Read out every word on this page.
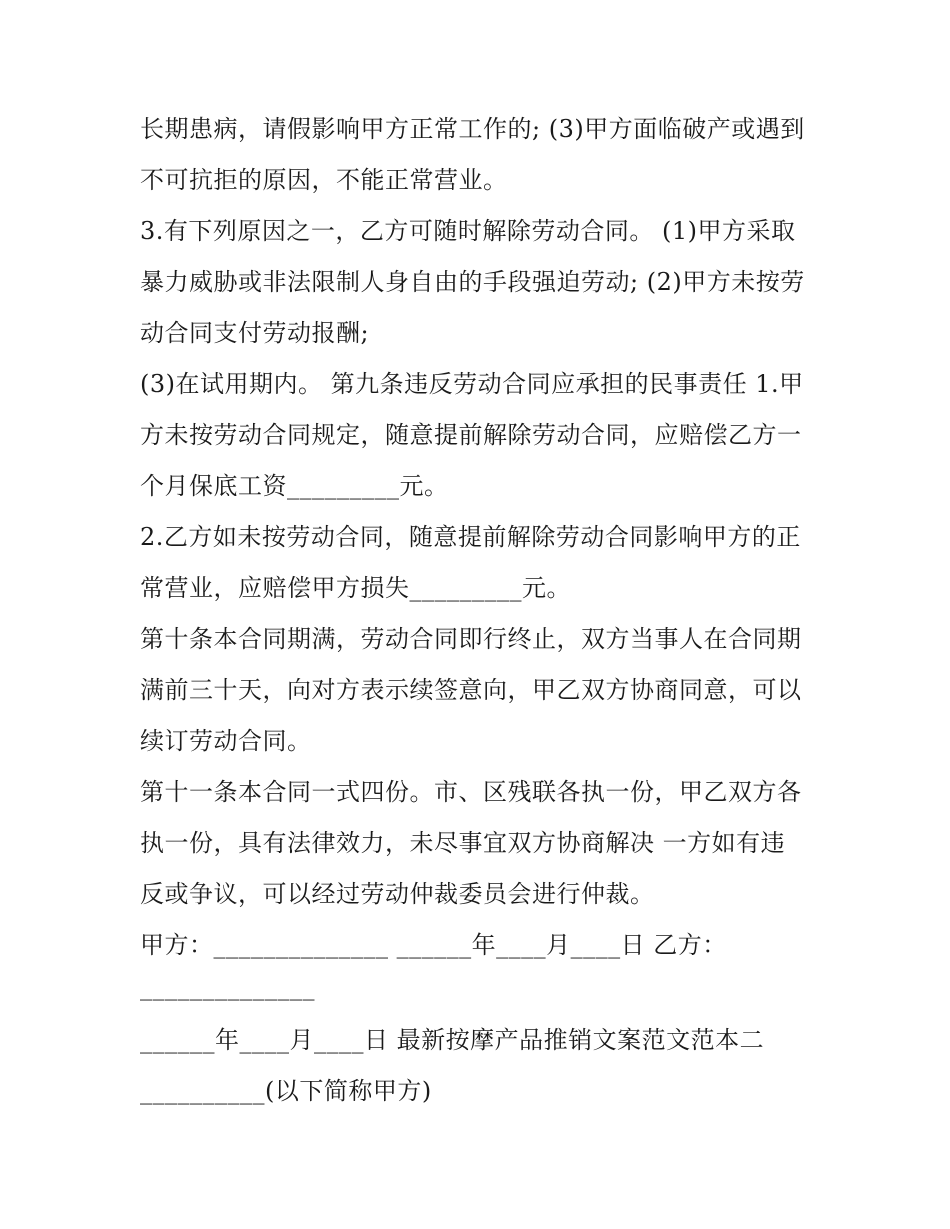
长期患病，请假影响甲方正常工作的; (3)甲方面临破产或遇到

不可抗拒的原因，不能正常营业。

3.有下列原因之一，乙方可随时解除劳动合同。 (1)甲方采取

暴力威胁或非法限制人身自由的手段强迫劳动; (2)甲方未按劳

动合同支付劳动报酬;

(3)在试用期内。 第九条违反劳动合同应承担的民事责任 1.甲

方未按劳动合同规定，随意提前解除劳动合同，应赔偿乙方一

个月保底工资_________元。

2.乙方如未按劳动合同，随意提前解除劳动合同影响甲方的正

常营业，应赔偿甲方损失_________元。

第十条本合同期满，劳动合同即行终止，双方当事人在合同期

满前三十天，向对方表示续签意向，甲乙双方协商同意，可以

续订劳动合同。

第十一条本合同一式四份。市、区残联各执一份，甲乙双方各

执一份，具有法律效力，未尽事宜双方协商解决 一方如有违

反或争议，可以经过劳动仲裁委员会进行仲裁。

甲方：______________ ______年____月____日 乙方：

______________

______年____月____日 最新按摩产品推销文案范文范本二

__________(以下简称甲方)
